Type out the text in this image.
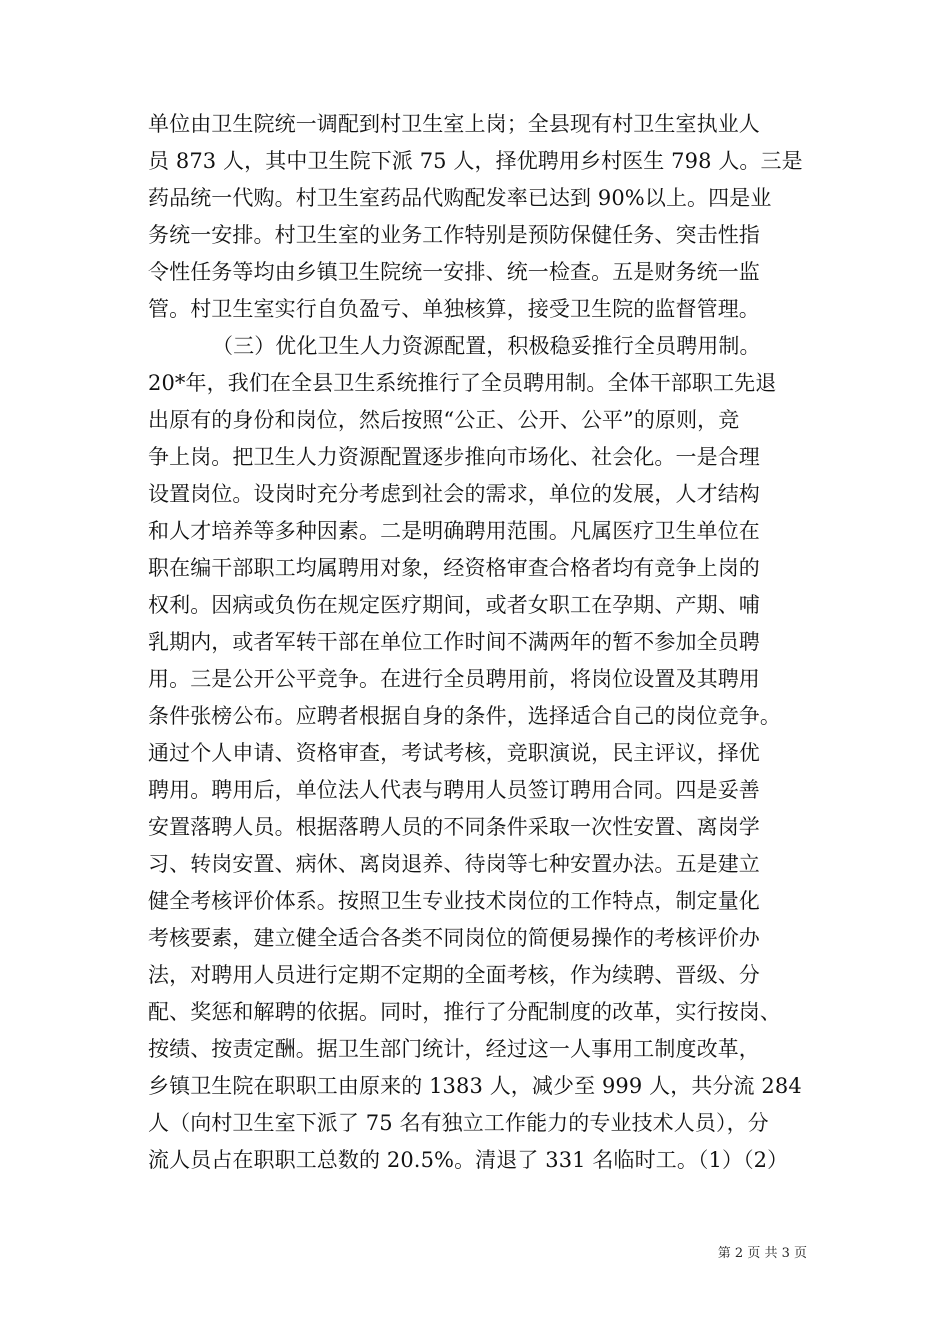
单位由卫生院统一调配到村卫生室上岗；全县现有村卫生室执业人
员 873 人，其中卫生院下派 75 人，择优聘用乡村医生 798 人。三是
药品统一代购。村卫生室药品代购配发率已达到 90%以上。四是业
务统一安排。村卫生室的业务工作特别是预防保健任务、突击性指
令性任务等均由乡镇卫生院统一安排、统一检查。五是财务统一监
管。村卫生室实行自负盈亏、单独核算，接受卫生院的监督管理。
（三）优化卫生人力资源配置，积极稳妥推行全员聘用制。
20*年，我们在全县卫生系统推行了全员聘用制。全体干部职工先退
出原有的身份和岗位，然后按照“公正、公开、公平”的原则，竞
争上岗。把卫生人力资源配置逐步推向市场化、社会化。一是合理
设置岗位。设岗时充分考虑到社会的需求，单位的发展，人才结构
和人才培养等多种因素。二是明确聘用范围。凡属医疗卫生单位在
职在编干部职工均属聘用对象，经资格审查合格者均有竞争上岗的
权利。因病或负伤在规定医疗期间，或者女职工在孕期、产期、哺
乳期内，或者军转干部在单位工作时间不满两年的暂不参加全员聘
用。三是公开公平竞争。在进行全员聘用前，将岗位设置及其聘用
条件张榜公布。应聘者根据自身的条件，选择适合自己的岗位竞争。
通过个人申请、资格审查，考试考核，竞职演说，民主评议，择优
聘用。聘用后，单位法人代表与聘用人员签订聘用合同。四是妥善
安置落聘人员。根据落聘人员的不同条件采取一次性安置、离岗学
习、转岗安置、病休、离岗退养、待岗等七种安置办法。五是建立
健全考核评价体系。按照卫生专业技术岗位的工作特点，制定量化
考核要素，建立健全适合各类不同岗位的简便易操作的考核评价办
法，对聘用人员进行定期不定期的全面考核，作为续聘、晋级、分
配、奖惩和解聘的依据。同时，推行了分配制度的改革，实行按岗、
按绩、按责定酬。据卫生部门统计，经过这一人事用工制度改革，
乡镇卫生院在职职工由原来的 1383 人，减少至 999 人，共分流 284
人（向村卫生室下派了 75 名有独立工作能力的专业技术人员），分
流人员占在职职工总数的 20.5%。清退了 331 名临时工。（1）（2）
第 2 页 共 3 页
